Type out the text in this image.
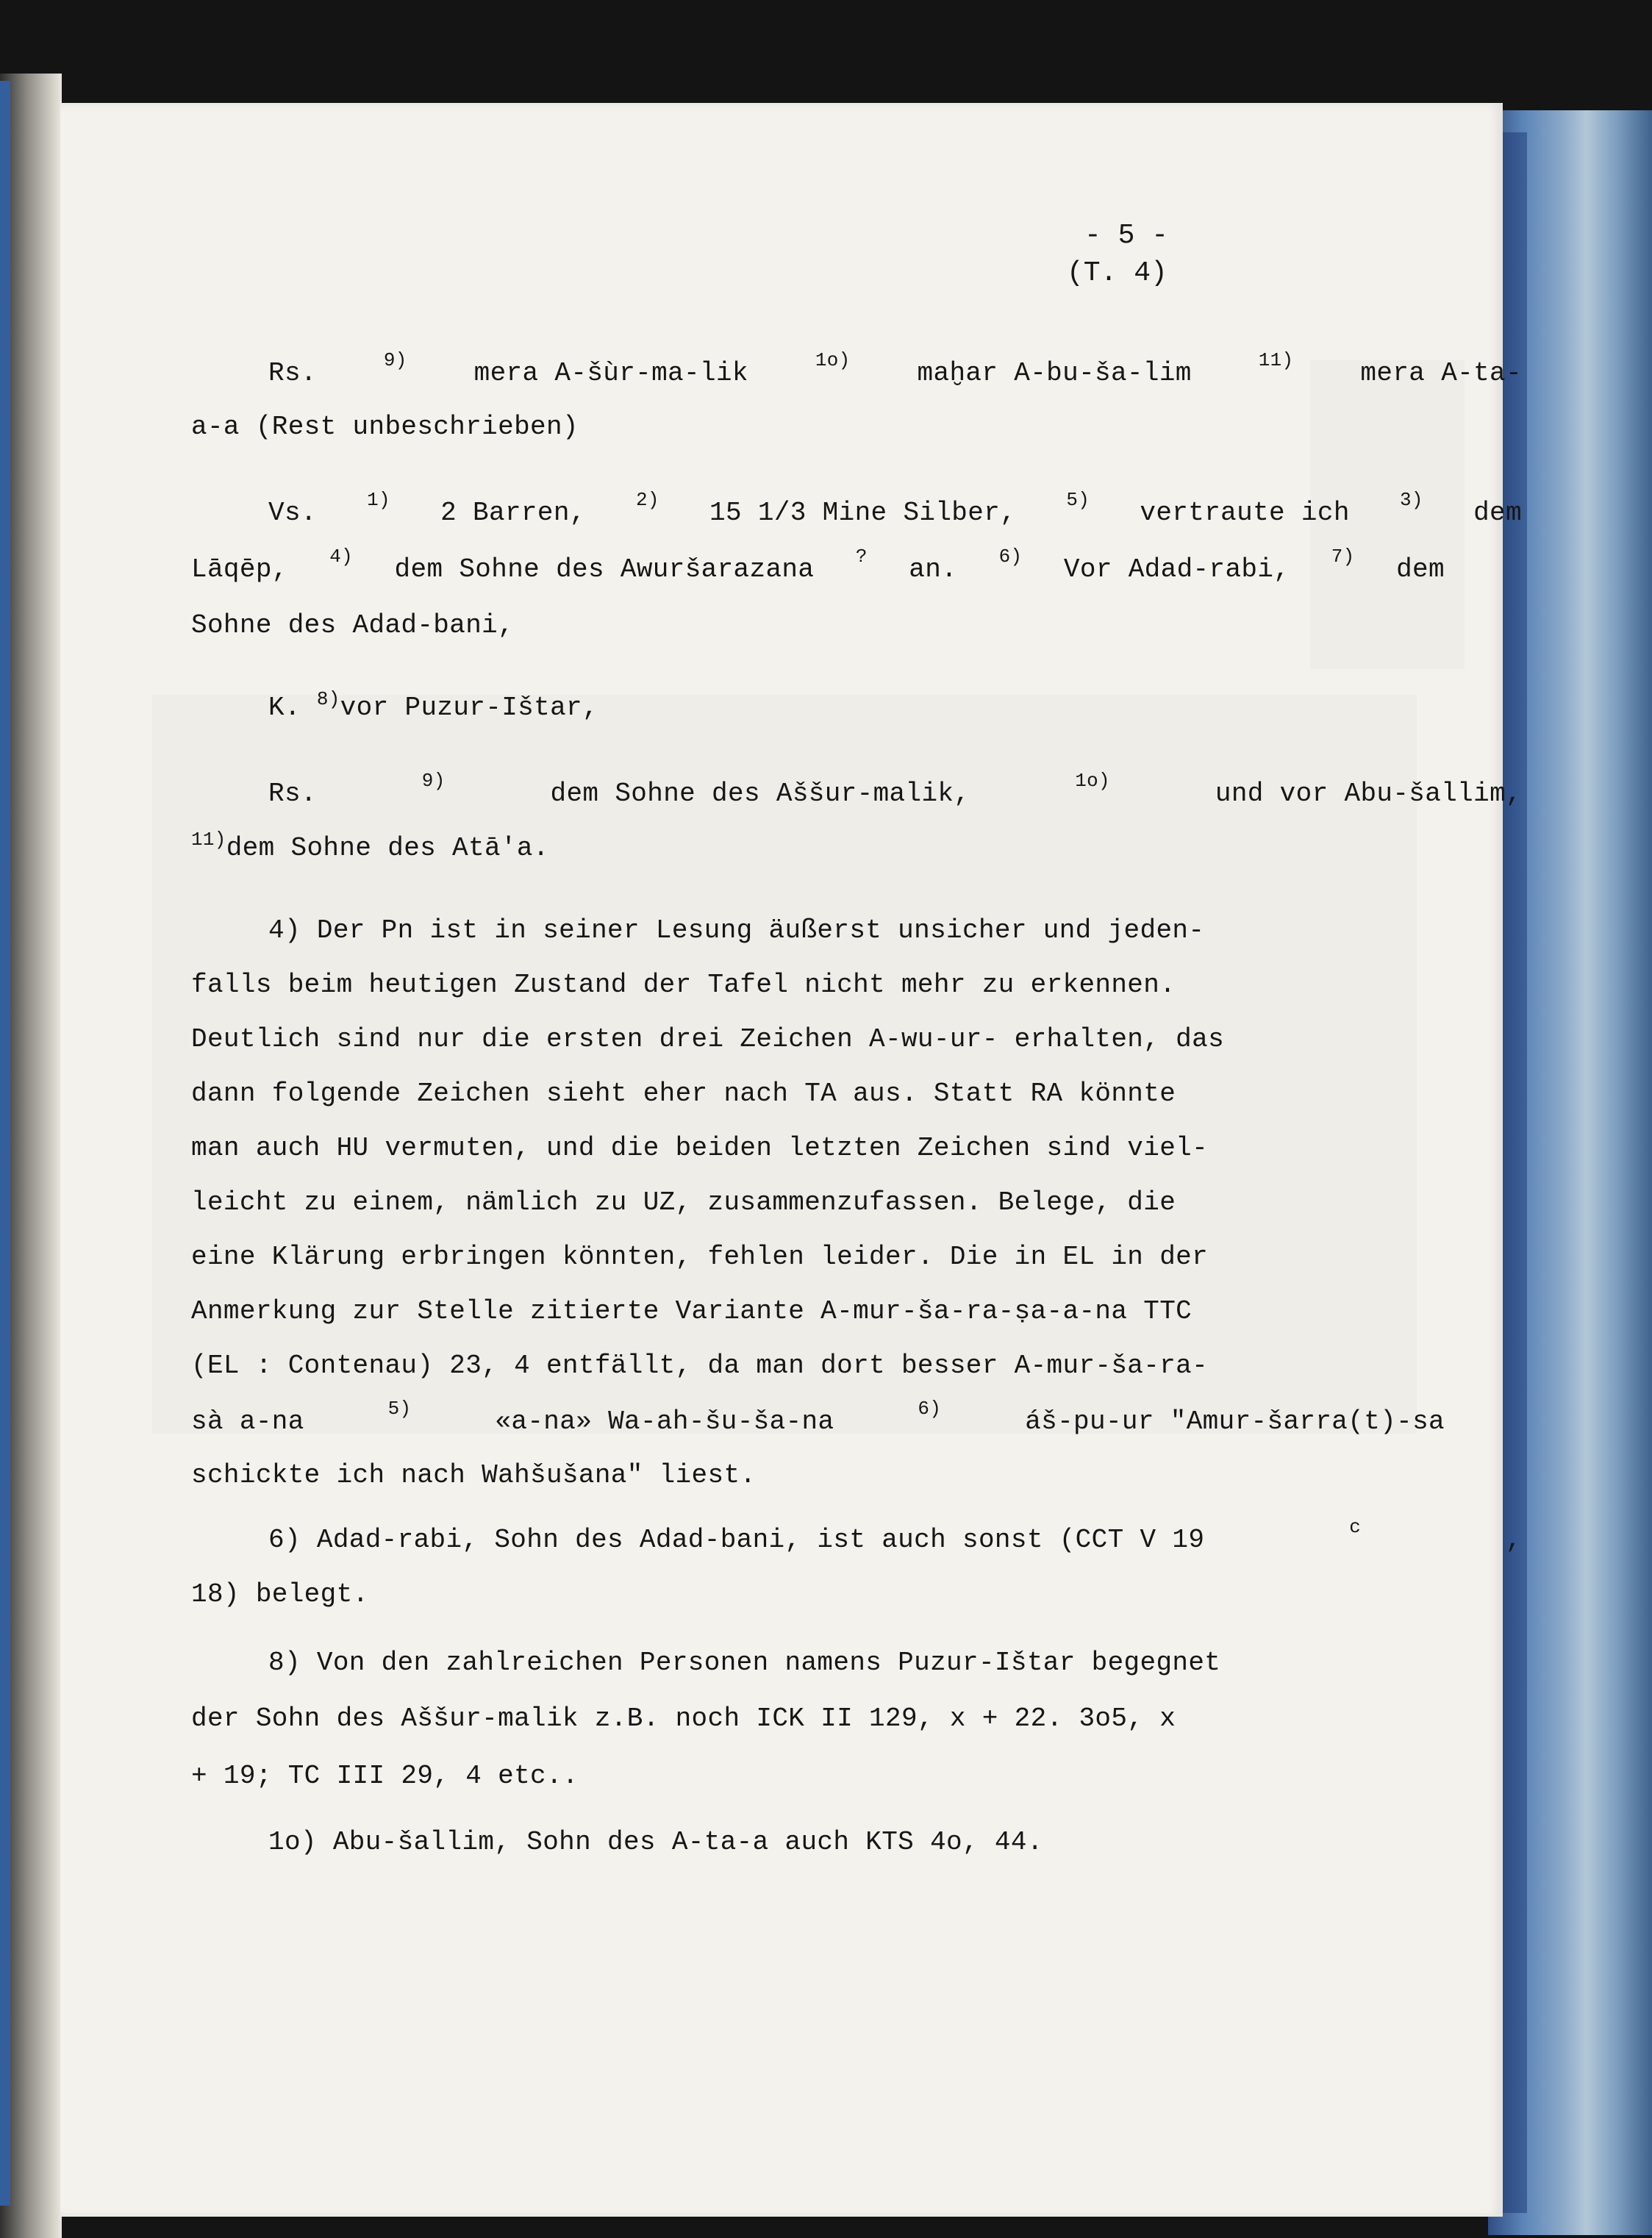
- 5 -
(T. 4)
Rs.	9)	mera A-šùr-ma-lik	1o)	maḫar A-bu-ša-lim	11)	mera A-ta-
a-a (Rest unbeschrieben)
Vs.	1) 2 Barren,	2) 15 1/3 Mine Silber,	5) vertraute ich	3) dem
Lāqēp, 4) dem Sohne des Awuršarazana ? an. 6) Vor Adad-rabi, 7) dem
Sohne des Adad-bani,
K. $^{8)}$vor Puzur-Ištar,
Rs.	9)	dem Sohne des Aššur-malik,	1o)	und vor Abu-šallim,
$^{11)}$dem Sohne des Atā'a.
4) Der Pn ist in seiner Lesung äußerst unsicher und jeden-
falls beim heutigen Zustand der Tafel nicht mehr zu erkennen.
Deutlich sind nur die ersten drei Zeichen A-wu-ur- erhalten, das
dann folgende Zeichen sieht eher nach TA aus. Statt RA könnte
man auch HU vermuten, und die beiden letzten Zeichen sind viel-
leicht zu einem, nämlich zu UZ, zusammenzufassen. Belege, die
eine Klärung erbringen könnten, fehlen leider. Die in EL in der
Anmerkung zur Stelle zitierte Variante A-mur-ša-ra-ṣa-a-na TTC
(EL : Contenau) 23, 4 entfällt, da man dort besser A-mur-ša-ra-
sà a-na	5)	«a-na» Wa-ah-šu-ša-na	6)	áš-pu-ur "Amur-šarra(t)-sa
schickte ich nach Wahšušana" liest.
6) Adad-rabi, Sohn des Adad-bani, ist auch sonst (CCT V 19	c	,
18) belegt.
8) Von den zahlreichen Personen namens Puzur-Ištar begegnet
der Sohn des Aššur-malik z.B. noch ICK II 129, x + 22. 3o5, x
+ 19; TC III 29, 4 etc..
1o) Abu-šallim, Sohn des A-ta-a auch KTS 4o, 44.
